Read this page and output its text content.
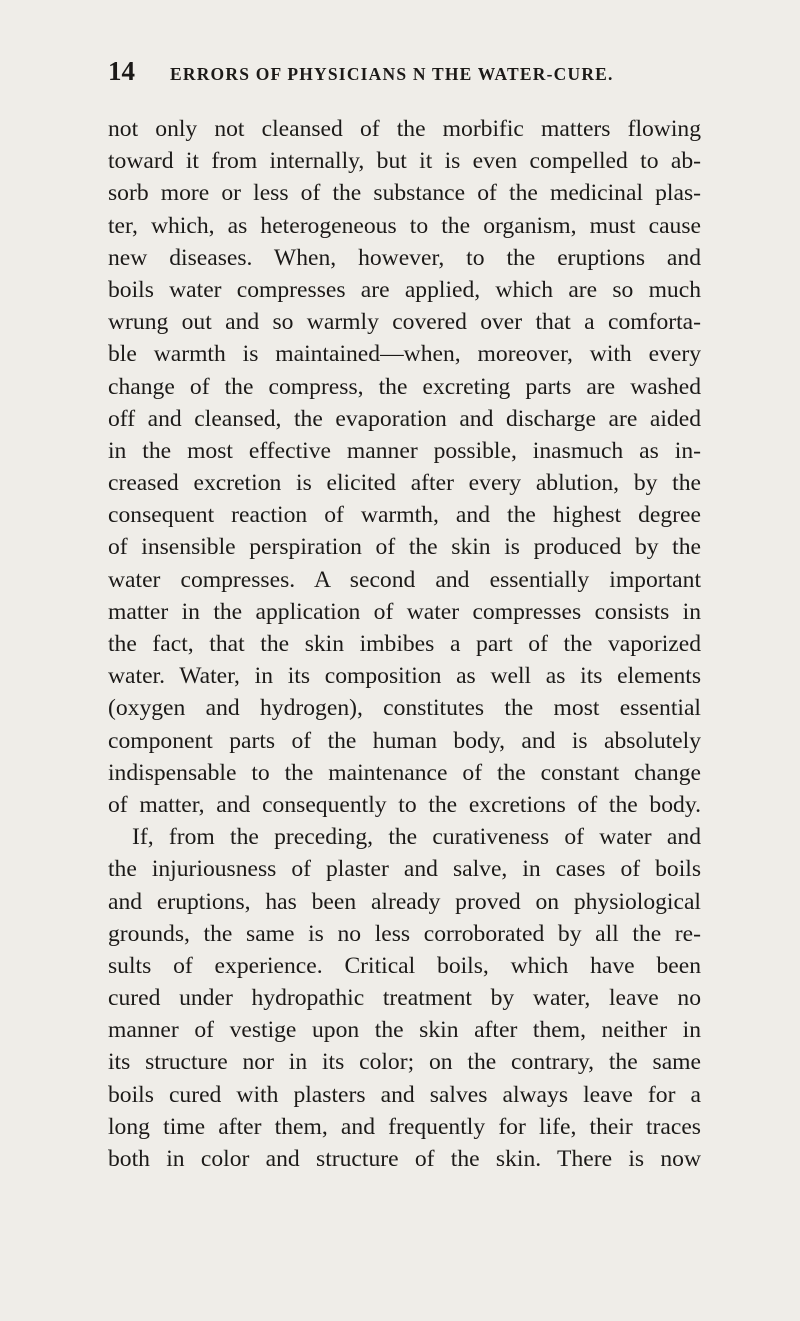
14	ERRORS OF PHYSICIANS N THE WATER-CURE.
not only not cleansed of the morbific matters flowing
toward it from internally, but it is even compelled to ab-
sorb more or less of the substance of the medicinal plas-
ter, which, as heterogeneous to the organism, must cause
new diseases. When, however, to the eruptions and
boils water compresses are applied, which are so much
wrung out and so warmly covered over that a comforta-
ble warmth is maintained—when, moreover, with every
change of the compress, the excreting parts are washed
off and cleansed, the evaporation and discharge are aided
in the most effective manner possible, inasmuch as in-
creased excretion is elicited after every ablution, by the
consequent reaction of warmth, and the highest degree
of insensible perspiration of the skin is produced by the
water compresses. A second and essentially important
matter in the application of water compresses consists in
the fact, that the skin imbibes a part of the vaporized
water. Water, in its composition as well as its elements
(oxygen and hydrogen), constitutes the most essential
component parts of the human body, and is absolutely
indispensable to the maintenance of the constant change
of matter, and consequently to the excretions of the body.
If, from the preceding, the curativeness of water and
the injuriousness of plaster and salve, in cases of boils
and eruptions, has been already proved on physiological
grounds, the same is no less corroborated by all the re-
sults of experience. Critical boils, which have been
cured under hydropathic treatment by water, leave no
manner of vestige upon the skin after them, neither in
its structure nor in its color; on the contrary, the same
boils cured with plasters and salves always leave for a
long time after them, and frequently for life, their traces
both in color and structure of the skin. There is now
